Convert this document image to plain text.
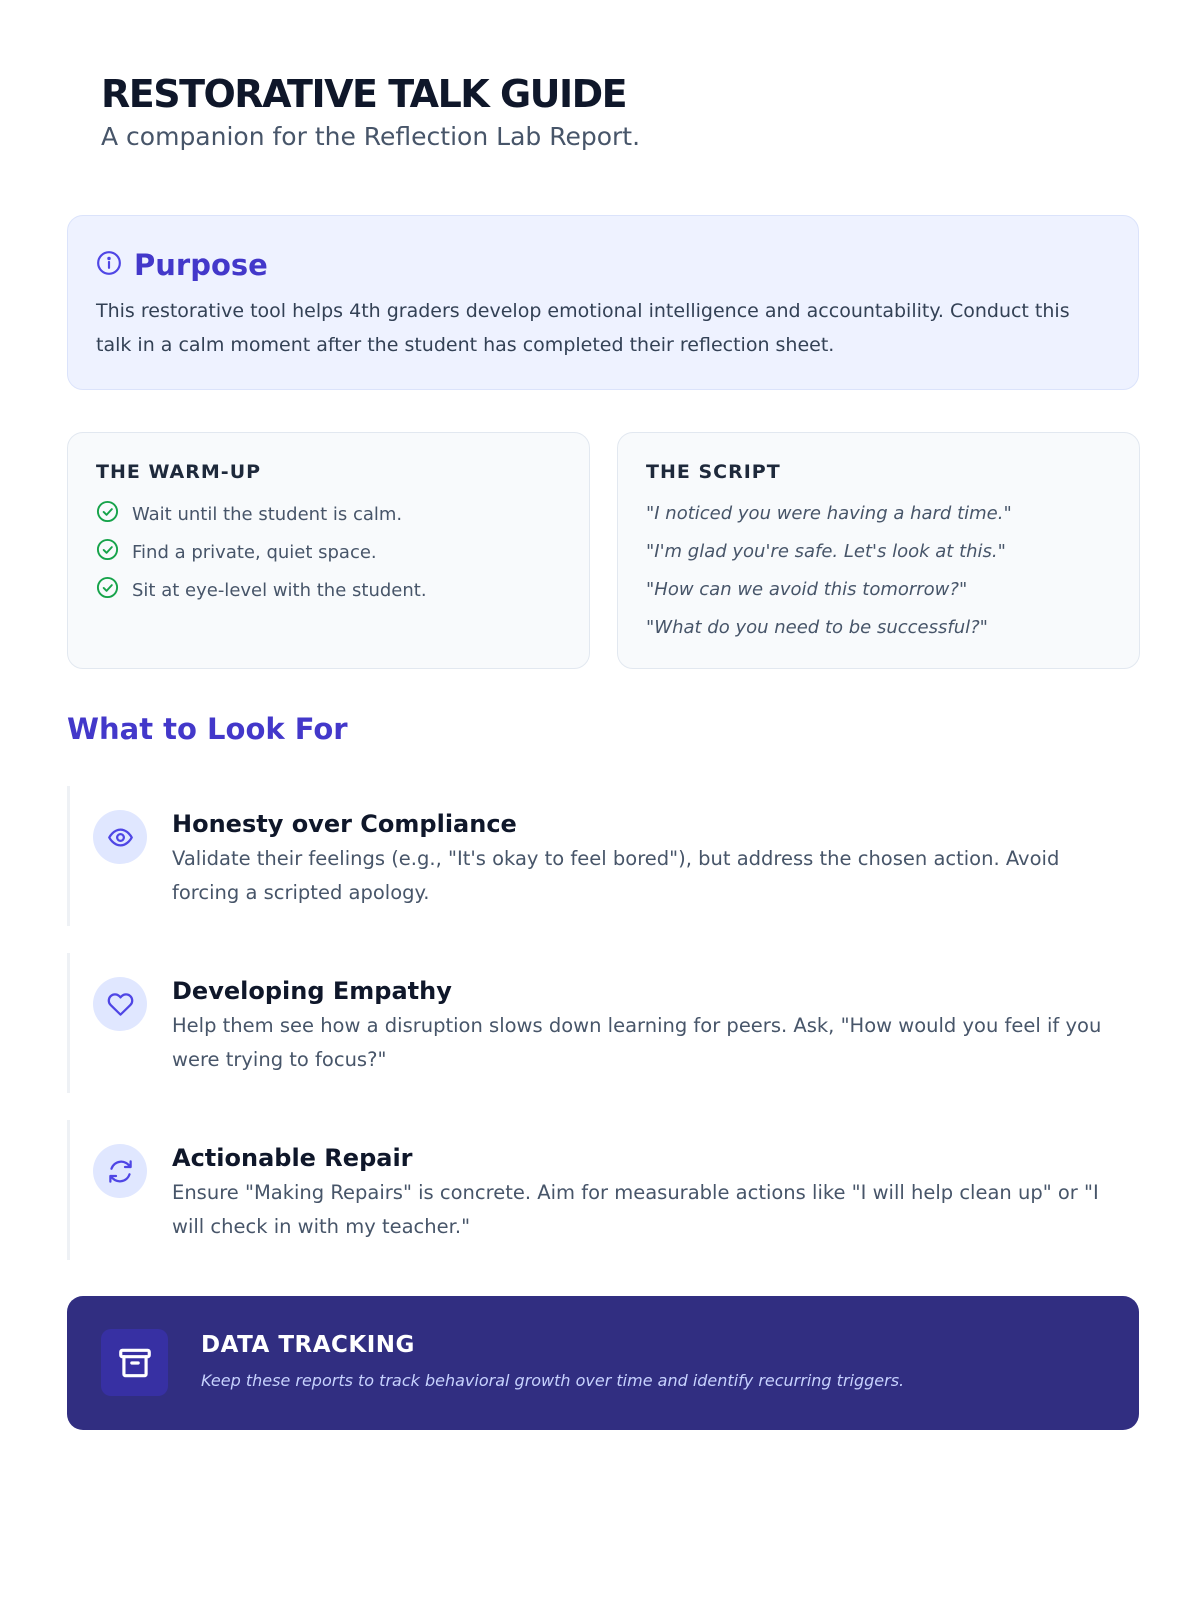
RESTORATIVE TALK GUIDE
A companion for the Reflection Lab Report.
Purpose

This restorative tool helps 4th graders develop emotional intelligence and accountability. Conduct this talk in a calm moment after the student has completed their reflection sheet.

THE WARM-UP
Wait until the student is calm.
Find a private, quiet space.
Sit at eye-level with the student.
THE SCRIPT
"I noticed you were having a hard time."
"I'm glad you're safe. Let's look at this."
"How can we avoid this tomorrow?"
"What do you need to be successful?"
What to Look For
Honesty over Compliance
Validate their feelings (e.g., "It's okay to feel bored"), but address the chosen action. Avoid forcing a scripted apology.
Developing Empathy
Help them see how a disruption slows down learning for peers. Ask, "How would you feel if you were trying to focus?"
Actionable Repair
Ensure "Making Repairs" is concrete. Aim for measurable actions like "I will help clean up" or "I will check in with my teacher."
DATA TRACKING
Keep these reports to track behavioral growth over time and identify recurring triggers.
